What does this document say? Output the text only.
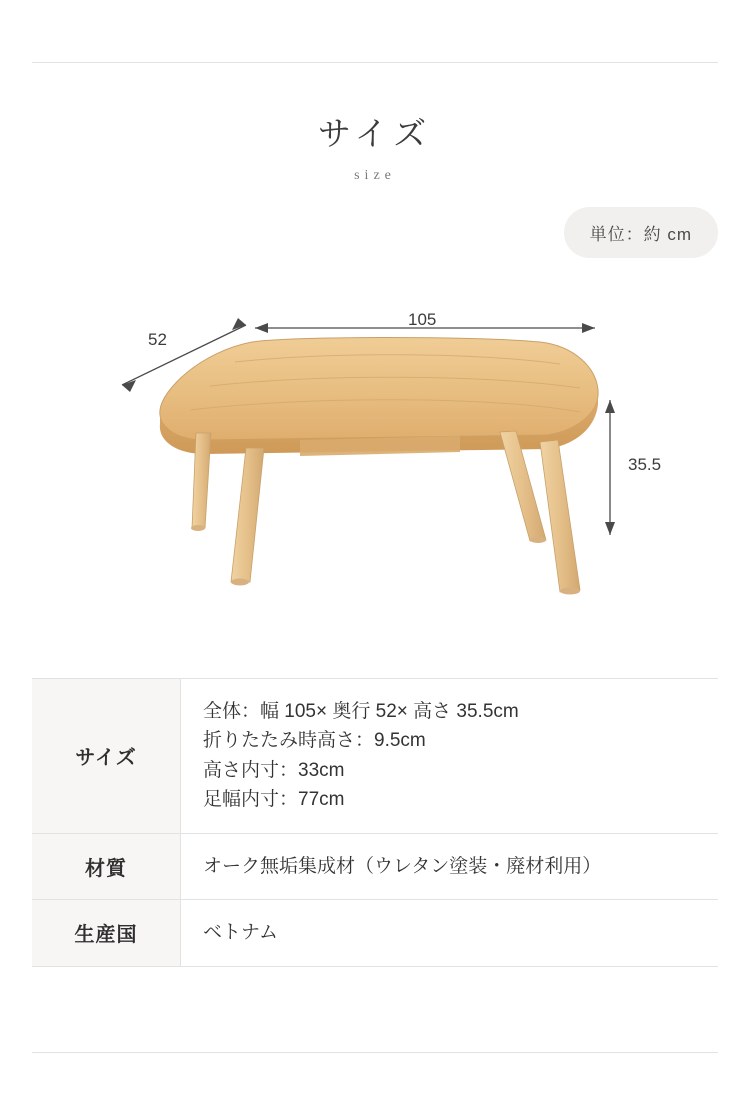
サイズ
size
単位：約 cm
105
52
35.5
サイズ	全体：幅 105× 奥行 52× 高さ 35.5cm
折りたたみ時高さ：9.5cm
高さ内寸：33cm
足幅内寸：77cm

材質	オーク無垢集成材（ウレタン塗装・廃材利用）

生産国	ベトナム
